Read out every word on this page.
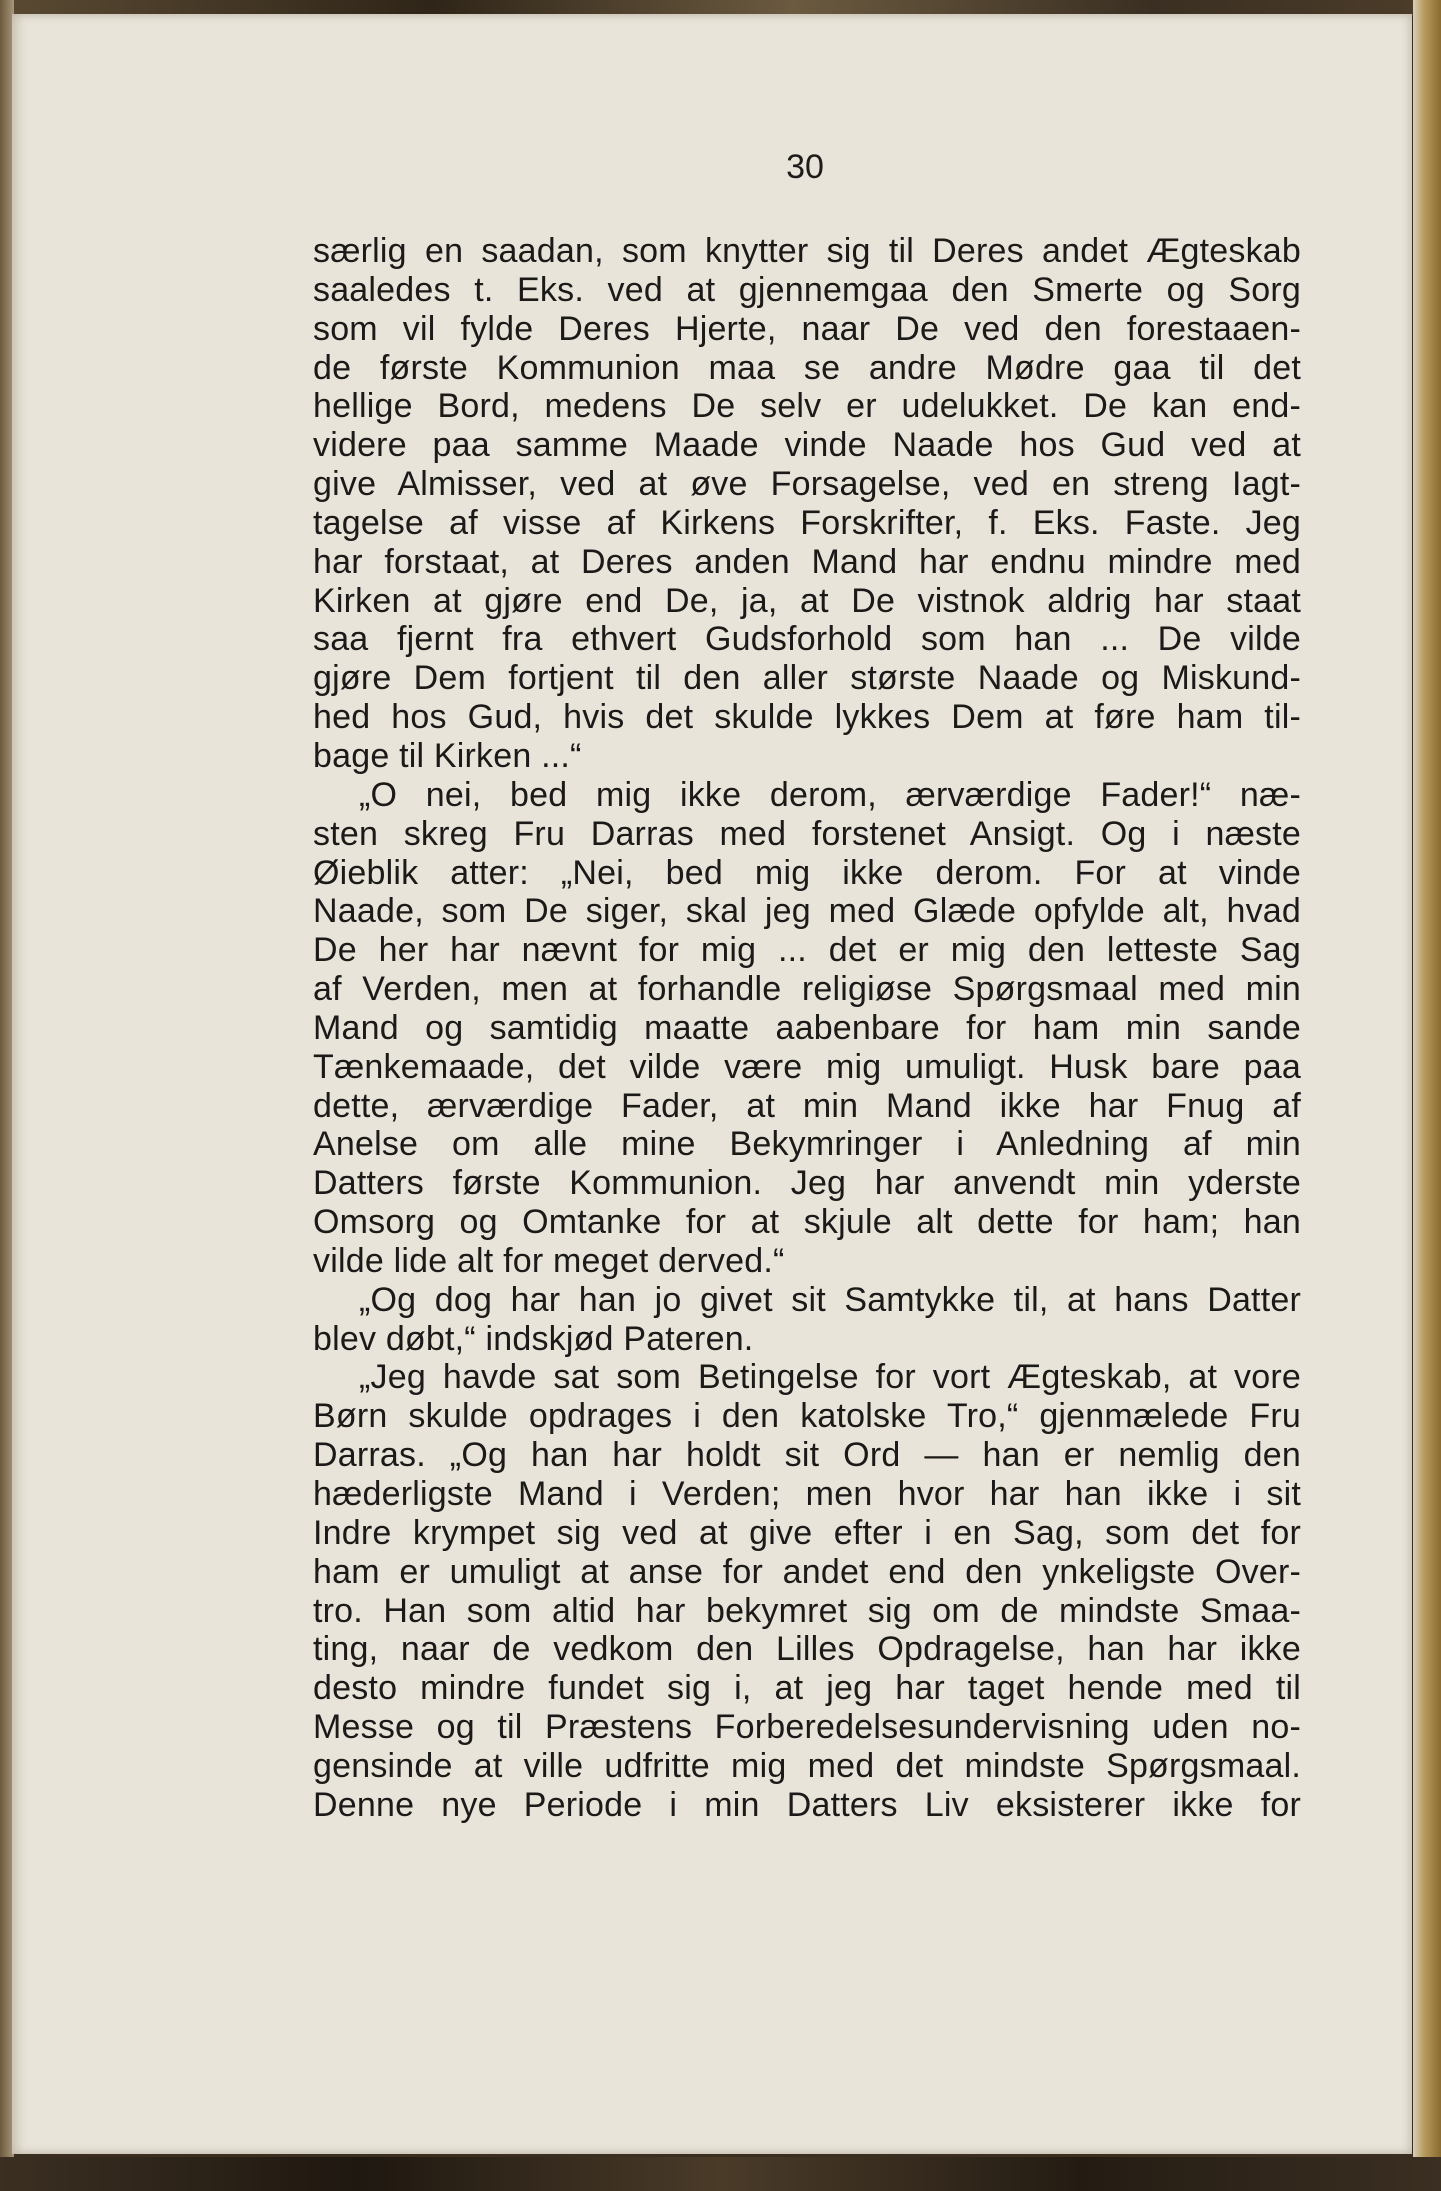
30
særlig en saadan, som knytter sig til Deres andet Ægteskab
saaledes t. Eks. ved at gjennemgaa den Smerte og Sorg
som vil fylde Deres Hjerte, naar De ved den forestaaen-
de første Kommunion maa se andre Mødre gaa til det
hellige Bord, medens De selv er udelukket. De kan end-
videre paa samme Maade vinde Naade hos Gud ved at
give Almisser, ved at øve Forsagelse, ved en streng Iagt-
tagelse af visse af Kirkens Forskrifter, f. Eks. Faste. Jeg
har forstaat, at Deres anden Mand har endnu mindre med
Kirken at gjøre end De, ja, at De vistnok aldrig har staat
saa fjernt fra ethvert Gudsforhold som han ... De vilde
gjøre Dem fortjent til den aller største Naade og Miskund-
hed hos Gud, hvis det skulde lykkes Dem at føre ham til-
bage til Kirken ...“
„O nei, bed mig ikke derom, ærværdige Fader!“ næ-
sten skreg Fru Darras med forstenet Ansigt. Og i næste
Øieblik atter: „Nei, bed mig ikke derom. For at vinde
Naade, som De siger, skal jeg med Glæde opfylde alt, hvad
De her har nævnt for mig ... det er mig den letteste Sag
af Verden, men at forhandle religiøse Spørgsmaal med min
Mand og samtidig maatte aabenbare for ham min sande
Tænkemaade, det vilde være mig umuligt. Husk bare paa
dette, ærværdige Fader, at min Mand ikke har Fnug af
Anelse om alle mine Bekymringer i Anledning af min
Datters første Kommunion. Jeg har anvendt min yderste
Omsorg og Omtanke for at skjule alt dette for ham; han
vilde lide alt for meget derved.“
„Og dog har han jo givet sit Samtykke til, at hans Datter
blev døbt,“ indskjød Pateren.
„Jeg havde sat som Betingelse for vort Ægteskab, at vore
Børn skulde opdrages i den katolske Tro,“ gjenmælede Fru
Darras. „Og han har holdt sit Ord — han er nemlig den
hæderligste Mand i Verden; men hvor har han ikke i sit
Indre krympet sig ved at give efter i en Sag, som det for
ham er umuligt at anse for andet end den ynkeligste Over-
tro. Han som altid har bekymret sig om de mindste Smaa-
ting, naar de vedkom den Lilles Opdragelse, han har ikke
desto mindre fundet sig i, at jeg har taget hende med til
Messe og til Præstens Forberedelsesundervisning uden no-
gensinde at ville udfritte mig med det mindste Spørgsmaal.
Denne nye Periode i min Datters Liv eksisterer ikke for
